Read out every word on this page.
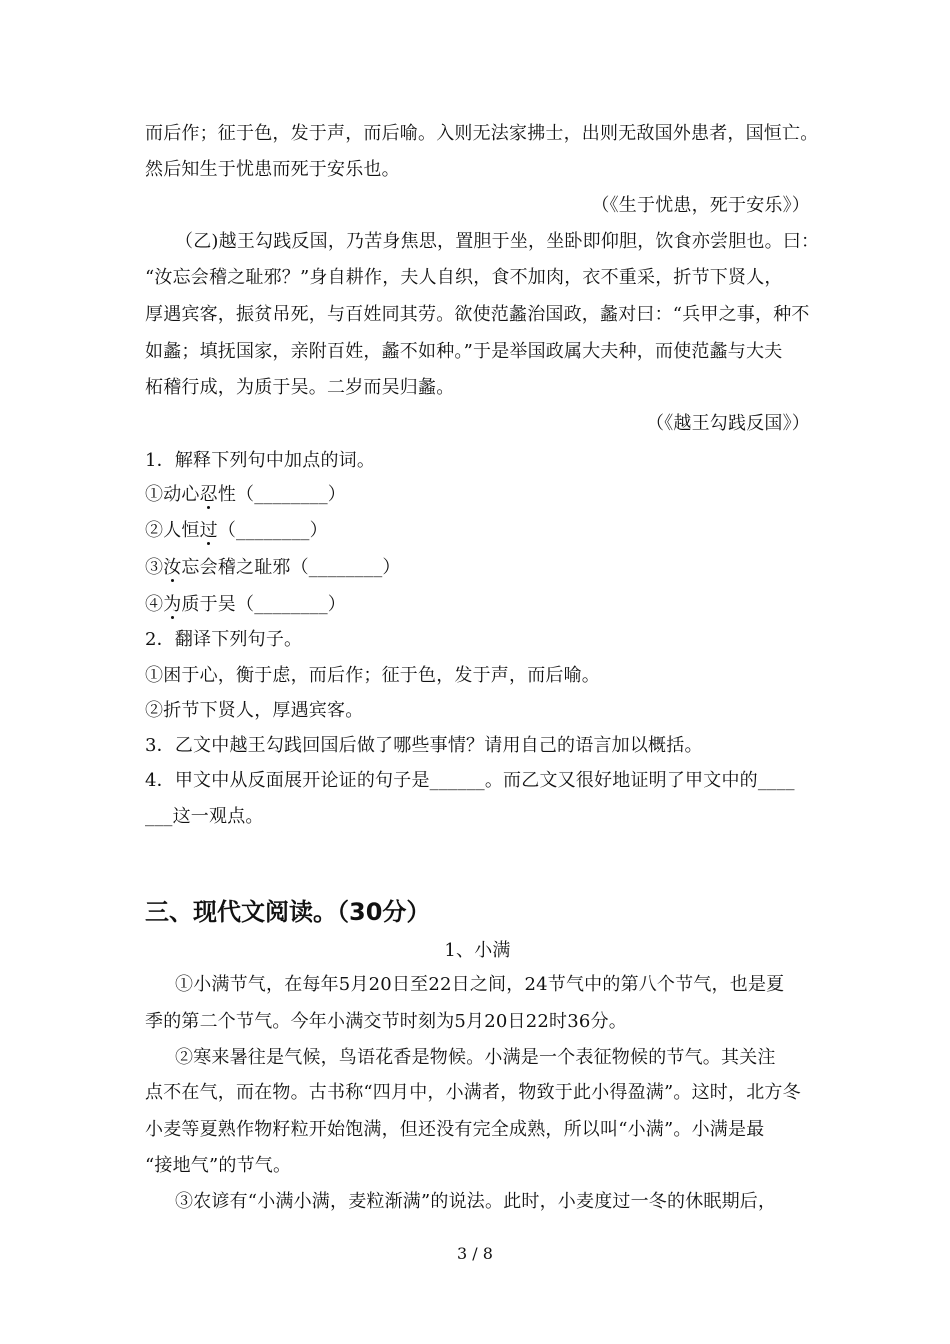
而后作；征于色，发于声，而后喻。入则无法家拂士，出则无敌国外患者，国恒亡。
然后知生于忧患而死于安乐也。
（《生于忧患，死于安乐》）
（乙)越王勾践反国，乃苦身焦思，置胆于坐，坐卧即仰胆，饮食亦尝胆也。曰：
“汝忘会稽之耻邪？”身自耕作，夫人自织，食不加肉，衣不重采，折节下贤人，
厚遇宾客，振贫吊死，与百姓同其劳。欲使范蠡治国政，蠡对曰：“兵甲之事，种不
如蠡；填抚国家，亲附百姓，蠡不如种。”于是举国政属大夫种，而使范蠡与大夫
柘稽行成，为质于吴。二岁而吴归蠡。
（《越王勾践反国》）
1．解释下列句中加点的词。
①动心忍性（________）
②人恒过（________）
③汝忘会稽之耻邪（________）
④为质于吴（________）
2．翻译下列句子。
①困于心，衡于虑，而后作；征于色，发于声，而后喻。
②折节下贤人，厚遇宾客。
3．乙文中越王勾践回国后做了哪些事情？请用自己的语言加以概括。
4．甲文中从反面展开论证的句子是______。而乙文又很好地证明了甲文中的____
___这一观点。
三、现代文阅读。（30分）
1、小满
①小满节气，在每年5月20日至22日之间，24节气中的第八个节气，也是夏
季的第二个节气。今年小满交节时刻为5月20日22时36分。
②寒来暑往是气候，鸟语花香是物候。小满是一个表征物候的节气。其关注
点不在气，而在物。古书称“四月中，小满者，物致于此小得盈满”。这时，北方冬
小麦等夏熟作物籽粒开始饱满，但还没有完全成熟，所以叫“小满”。小满是最
“接地气”的节气。
③农谚有“小满小满，麦粒渐满”的说法。此时，小麦度过一冬的休眠期后，
3 / 8
